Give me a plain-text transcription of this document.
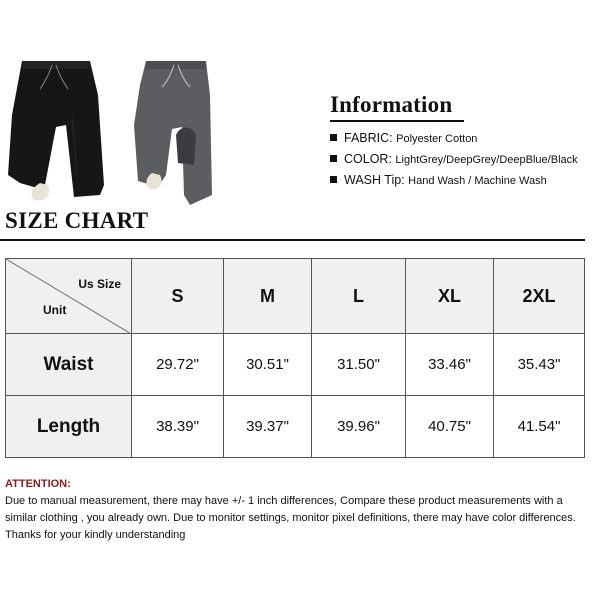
Information
FABRIC: Polyester Cotton
COLOR: LightGrey/DeepGrey/DeepBlue/Black
WASH Tip: Hand Wash / Machine Wash
SIZE CHART
Us Size
Unit
S	M	L	XL	2XL
Waist	29.72"	30.51"	31.50"	33.46"	35.43"
Length	38.39"	39.37"	39.96"	40.75"	41.54"
ATTENTION:
Due to manual measurement, there may have +/- 1 inch differences, Compare these product measurements with a similar clothing , you already own. Due to monitor settings, monitor pixel definitions, there may have color differences. Thanks for your kindly understanding
